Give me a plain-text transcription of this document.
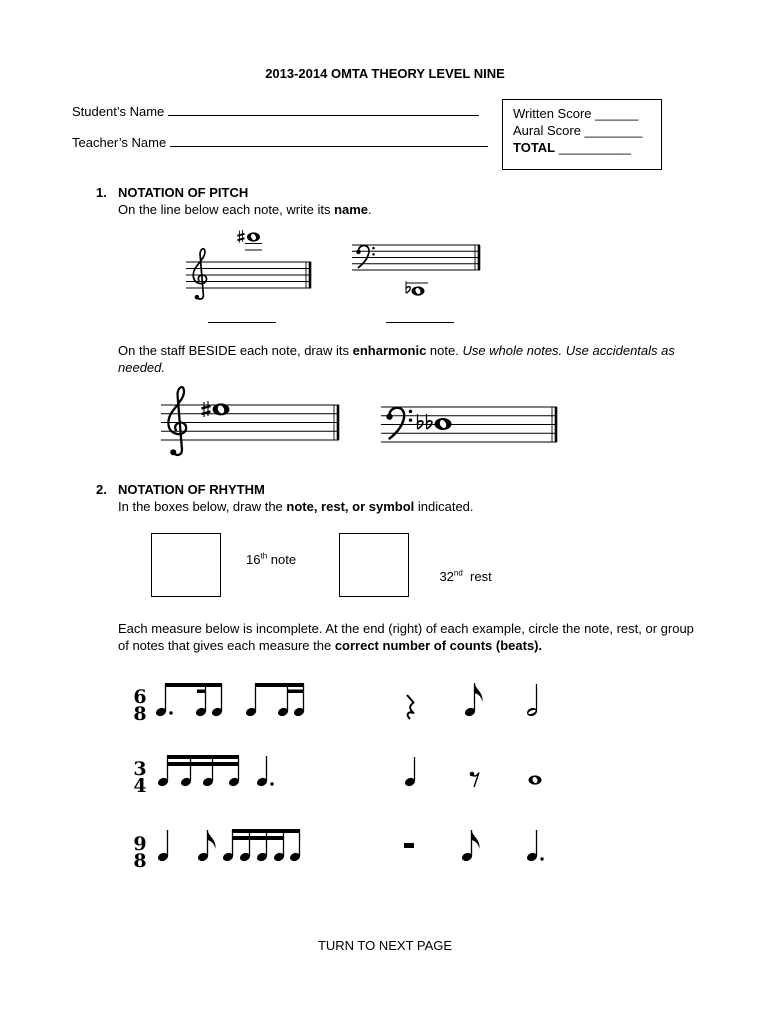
2013-2014 OMTA THEORY LEVEL NINE
Student’s Name
Teacher’s Name
Written Score ______
Aural Score ________
TOTAL __________
1. NOTATION OF PITCH
On the line below each note, write its name.
On the staff BESIDE each note, draw its enharmonic note. Use whole notes. Use accidentals as needed.
2. NOTATION OF RHYTHM
In the boxes below, draw the note, rest, or symbol indicated.
16th note

32nd  rest

Each measure below is incomplete. At the end (right) of each example, circle the note, rest, or group of notes that gives each measure the correct number of counts (beats).
TURN TO NEXT PAGE
6
8
3
4
9
8
